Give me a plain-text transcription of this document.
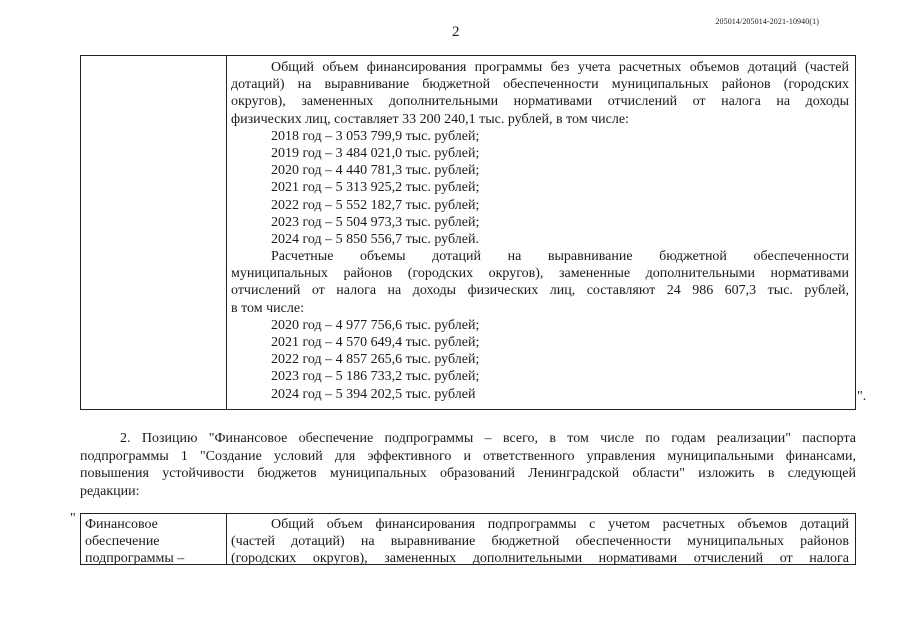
2
205014/205014-2021-10940(1)
Общий объем финансирования программы без учета расчетных объемов дотаций (частей
дотаций) на выравнивание бюджетной обеспеченности муниципальных районов (городских
округов), замененных дополнительными нормативами отчислений от налога на доходы
физических лиц, составляет 33 200 240,1 тыс. рублей, в том числе:
2018 год – 3 053 799,9 тыс. рублей;
2019 год – 3 484 021,0 тыс. рублей;
2020 год – 4 440 781,3 тыс. рублей;
2021 год – 5 313 925,2 тыс. рублей;
2022 год – 5 552 182,7 тыс. рублей;
2023 год – 5 504 973,3 тыс. рублей;
2024 год – 5 850 556,7 тыс. рублей.
Расчетные объемы дотаций на выравнивание бюджетной обеспеченности
муниципальных районов (городских округов), замененные дополнительными нормативами
отчислений от налога на доходы физических лиц, составляют 24 986 607,3 тыс. рублей,
в том числе:
2020 год – 4 977 756,6 тыс. рублей;
2021 год – 4 570 649,4 тыс. рублей;
2022 год – 4 857 265,6 тыс. рублей;
2023 год – 5 186 733,2 тыс. рублей;
2024 год – 5 394 202,5 тыс. рублей	".
2. Позицию "Финансовое обеспечение подпрограммы – всего, в том числе по годам реализации" паспорта
подпрограммы 1 "Создание условий для эффективного и ответственного управления муниципальными финансами,
повышения устойчивости бюджетов муниципальных образований Ленинградской области" изложить в следующей
редакции:
" Финансовое
обеспечение
подпрограммы –
Общий объем финансирования подпрограммы с учетом расчетных объемов дотаций
(частей дотаций) на выравнивание бюджетной обеспеченности муниципальных районов
(городских округов), замененных дополнительными нормативами отчислений от налога
